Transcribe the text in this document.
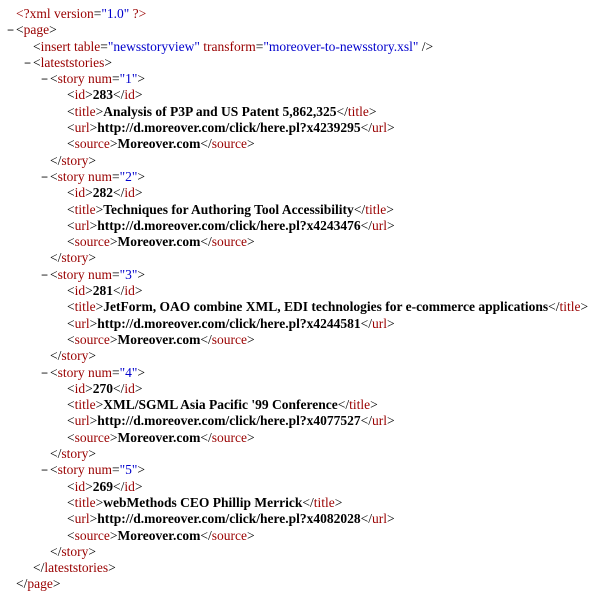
<?xml version="1.0" ?>
− <page>
<insert table="newsstoryview" transform="moreover-to-newsstory.xsl" />
− <lateststories>
− <story num="1">
<id>283</id>
<title>Analysis of P3P and US Patent 5,862,325</title>
<url>http://d.moreover.com/click/here.pl?x4239295</url>
<source>Moreover.com</source>
</story>
− <story num="2">
<id>282</id>
<title>Techniques for Authoring Tool Accessibility</title>
<url>http://d.moreover.com/click/here.pl?x4243476</url>
<source>Moreover.com</source>
</story>
− <story num="3">
<id>281</id>
<title>JetForm, OAO combine XML, EDI technologies for e-commerce applications</title>
<url>http://d.moreover.com/click/here.pl?x4244581</url>
<source>Moreover.com</source>
</story>
− <story num="4">
<id>270</id>
<title>XML/SGML Asia Pacific '99 Conference</title>
<url>http://d.moreover.com/click/here.pl?x4077527</url>
<source>Moreover.com</source>
</story>
− <story num="5">
<id>269</id>
<title>webMethods CEO Phillip Merrick</title>
<url>http://d.moreover.com/click/here.pl?x4082028</url>
<source>Moreover.com</source>
</story>
</lateststories>
</page>
